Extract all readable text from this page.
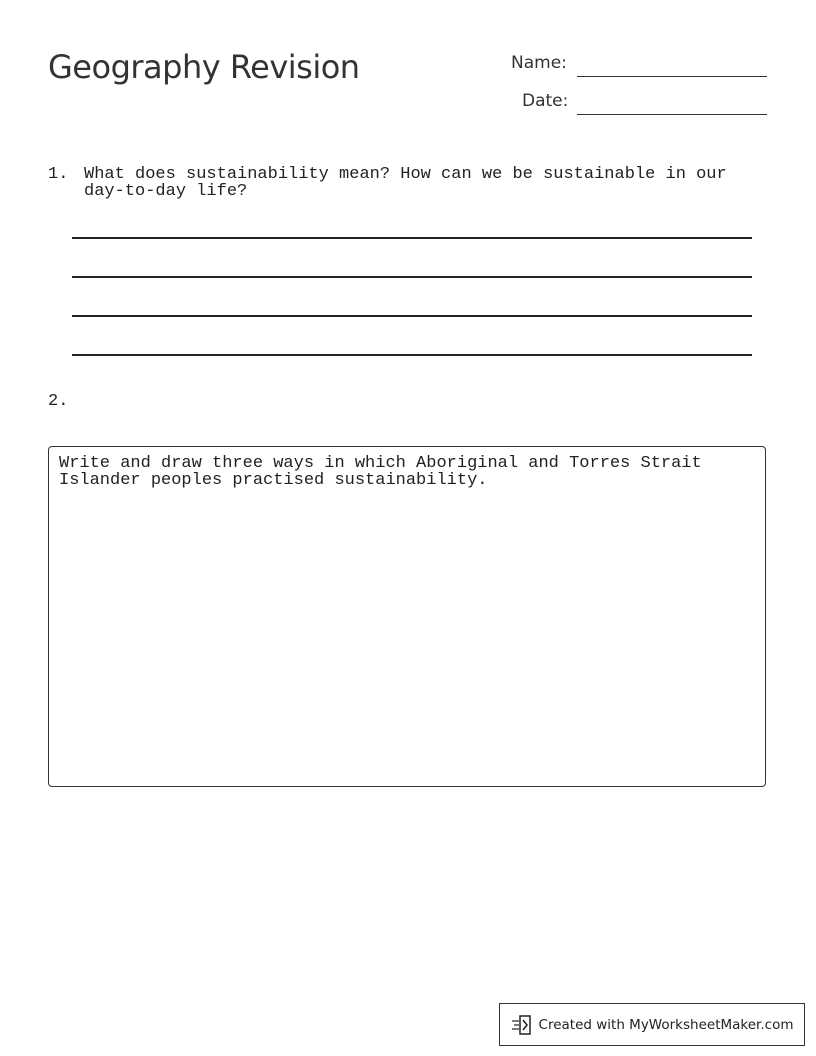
Geography Revision	Name:
Date:
1. What does sustainability mean? How can we be sustainable in our
day-to-day life?
2.
Write and draw three ways in which Aboriginal and Torres Strait
Islander peoples practised sustainability.
Created with MyWorksheetMaker.com
